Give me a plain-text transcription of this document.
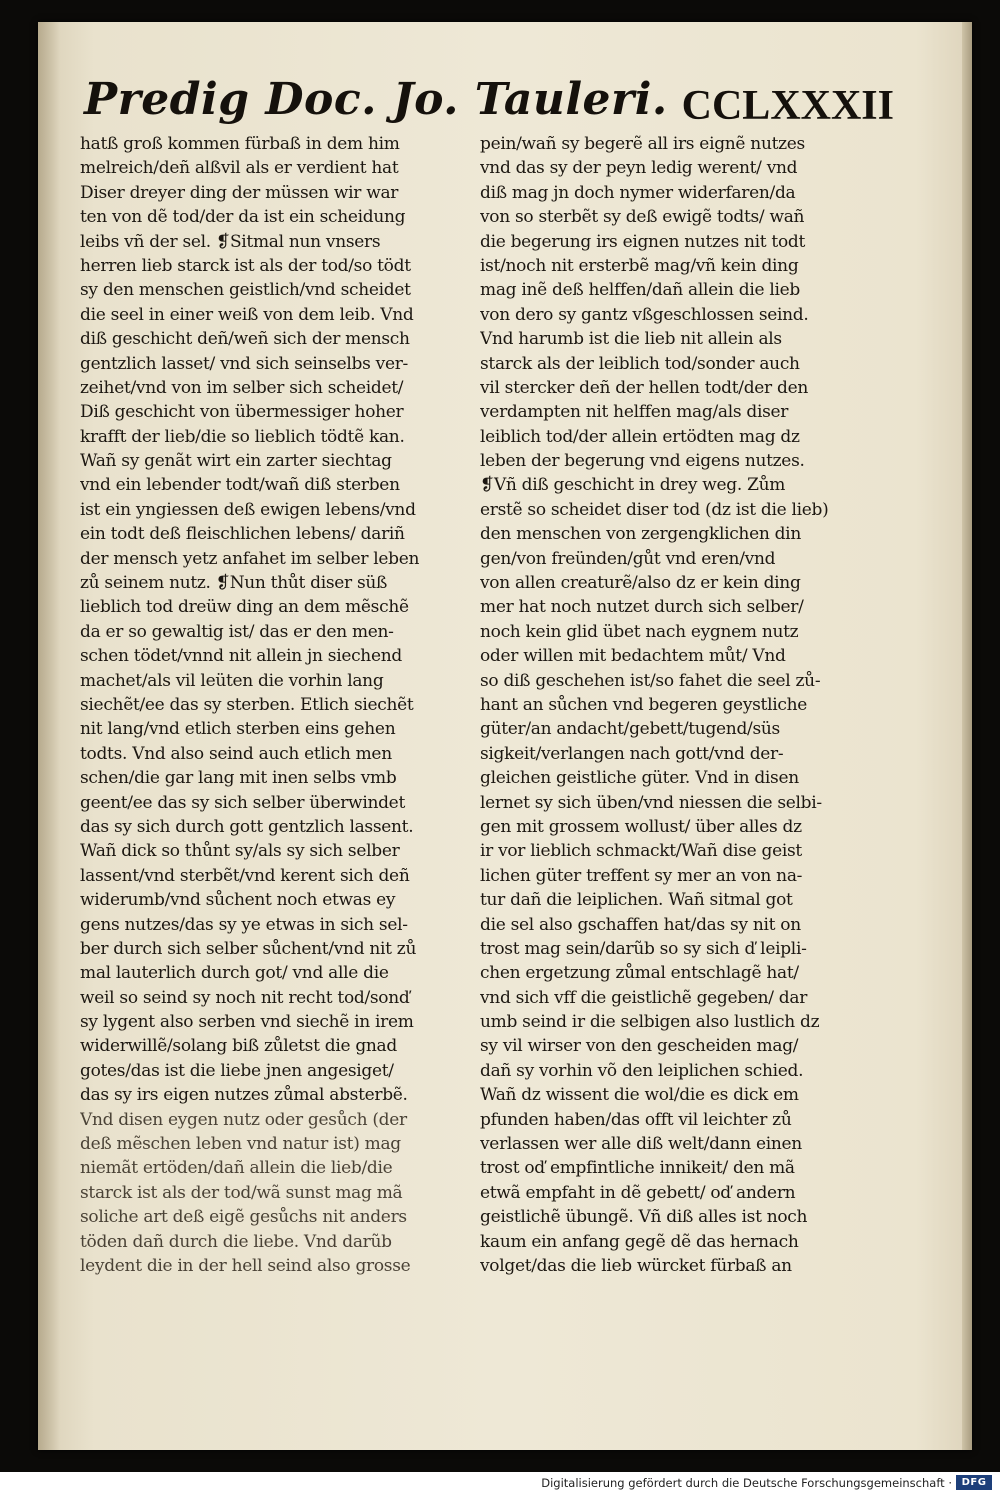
Predig Doc. Jo. Tauleri. CCLXXXII
hatß groß kommen fürbaß in dem him
melreich/deñ alßvil als er verdient hat
Diser dreyer ding der müssen wir war
ten von dẽ tod/der da ist ein scheidung
leibs vñ der sel. ❡Sitmal nun vnsers
herren lieb starck ist als der tod/so tödt
sy den menschen geistlich/vnd scheidet
die seel in einer weiß von dem leib. Vnd
diß geschicht deñ/weñ sich der mensch
gentzlich lasset/ vnd sich seinselbs ver-
zeihet/vnd von im selber sich scheidet/
Diß geschicht von übermessiger hoher
krafft der lieb/die so lieblich tödtẽ kan.
Wañ sy genãt wirt ein zarter siechtag
vnd ein lebender todt/wañ diß sterben
ist ein yngiessen deß ewigen lebens/vnd
ein todt deß fleischlichen lebens/ dariñ
der mensch yetz anfahet im selber leben
zů seinem nutz. ❡Nun thůt diser süß
lieblich tod dreüw ding an dem mẽschẽ
da er so gewaltig ist/ das er den men-
schen tödet/vnnd nit allein jn siechend
machet/als vil leüten die vorhin lang
siechẽt/ee das sy sterben. Etlich siechẽt
nit lang/vnd etlich sterben eins gehen
todts. Vnd also seind auch etlich men
schen/die gar lang mit inen selbs vmb
geent/ee das sy sich selber überwindet
das sy sich durch gott gentzlich lassent.
Wañ dick so thůnt sy/als sy sich selber
lassent/vnd sterbẽt/vnd kerent sich deñ
widerumb/vnd sůchent noch etwas ey
gens nutzes/das sy ye etwas in sich sel-
ber durch sich selber sůchent/vnd nit zů
mal lauterlich durch got/ vnd alle die
weil so seind sy noch nit recht tod/sonď
sy lygent also serben vnd siechẽ in irem
widerwillẽ/solang biß zůletst die gnad
gotes/das ist die liebe jnen angesiget/
das sy irs eigen nutzes zůmal absterbẽ.
Vnd disen eygen nutz oder gesůch (der
deß mẽschen leben vnd natur ist) mag
niemãt ertöden/dañ allein die lieb/die
starck ist als der tod/wã sunst mag mã
soliche art deß eigẽ gesůchs nit anders
töden dañ durch die liebe. Vnd darũb
leydent die in der hell seind also grosse
pein/wañ sy begerẽ all irs eignẽ nutzes
vnd das sy der peyn ledig werent/ vnd
diß mag jn doch nymer widerfaren/da
von so sterbẽt sy deß ewigẽ todts/ wañ
die begerung irs eignen nutzes nit todt
ist/noch nit ersterbẽ mag/vñ kein ding
mag inẽ deß helffen/dañ allein die lieb
von dero sy gantz vßgeschlossen seind.
Vnd harumb ist die lieb nit allein als
starck als der leiblich tod/sonder auch
vil stercker deñ der hellen todt/der den
verdampten nit helffen mag/als diser
leiblich tod/der allein ertödten mag dz
leben der begerung vnd eigens nutzes.
❡Vñ diß geschicht in drey weg. Zům
erstẽ so scheidet diser tod (dz ist die lieb)
den menschen von zergengklichen din
gen/von freünden/gůt vnd eren/vnd
von allen creaturẽ/also dz er kein ding
mer hat noch nutzet durch sich selber/
noch kein glid übet nach eygnem nutz
oder willen mit bedachtem můt/ Vnd
so diß geschehen ist/so fahet die seel zů-
hant an sůchen vnd begeren geystliche
güter/an andacht/gebett/tugend/süs
sigkeit/verlangen nach gott/vnd der-
gleichen geistliche güter. Vnd in disen
lernet sy sich üben/vnd niessen die selbi-
gen mit grossem wollust/ über alles dz
ir vor lieblich schmackt/Wañ dise geist
lichen güter treffent sy mer an von na-
tur dañ die leiplichen. Wañ sitmal got
die sel also gschaffen hat/das sy nit on
trost mag sein/darũb so sy sich ď leipli-
chen ergetzung zůmal entschlagẽ hat/
vnd sich vff die geistlichẽ gegeben/ dar
umb seind ir die selbigen also lustlich dz
sy vil wirser von den gescheiden mag/
dañ sy vorhin võ den leiplichen schied.
Wañ dz wissent die wol/die es dick em
pfunden haben/das offt vil leichter zů
verlassen wer alle diß welt/dann einen
trost oď empfintliche innikeit/ den mã
etwã empfaht in dẽ gebett/ oď andern
geistlichẽ übungẽ. Vñ diß alles ist noch
kaum ein anfang gegẽ dẽ das hernach
volget/das die lieb würcket fürbaß an
Digitalisierung gefördert durch die Deutsche Forschungsgemeinschaft · DFG
